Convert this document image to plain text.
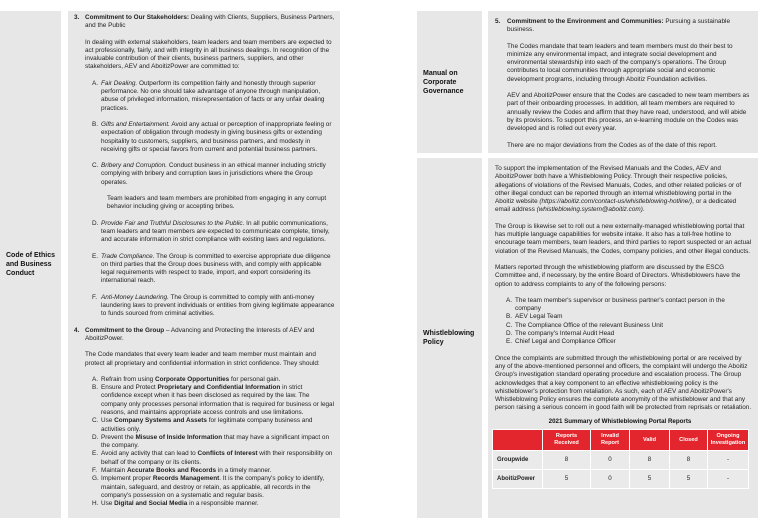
Code of Ethics and Business Conduct
3. Commitment to Our Stakeholders: Dealing with Clients, Suppliers, Business Partners, and the Public
In dealing with external stakeholders, team leaders and team members are expected to act professionally, fairly, and with integrity in all business dealings. In recognition of the invaluable contribution of their clients, business partners, suppliers, and other stakeholders, AEV and AboitizPower are committed to:
A. Fair Dealing. Outperform its competition fairly and honestly through superior performance. No one should take advantage of anyone through manipulation, abuse of privileged information, misrepresentation of facts or any unfair dealing practices.
B. Gifts and Entertainment. Avoid any actual or perception of inappropriate feeling or expectation of obligation through modesty in giving business gifts or extending hospitality to customers, suppliers, and business partners, and modesty in receiving gifts or special favors from current and potential business partners.
C. Bribery and Corruption. Conduct business in an ethical manner including strictly complying with bribery and corruption laws in jurisdictions where the Group operates.
Team leaders and team members are prohibited from engaging in any corrupt behavior including giving or accepting bribes.
D. Provide Fair and Truthful Disclosures to the Public. In all public communications, team leaders and team members are expected to communicate complete, timely, and accurate information in strict compliance with existing laws and regulations.
E. Trade Compliance. The Group is committed to exercise appropriate due diligence on third parties that the Group does business with, and comply with applicable legal requirements with respect to trade, import, and export considering its international reach.
F. Anti-Money Laundering. The Group is committed to comply with anti-money laundering laws to prevent individuals or entities from giving legitimate appearance to funds sourced from criminal activities.
4. Commitment to the Group – Advancing and Protecting the Interests of AEV and AboitizPower.
The Code mandates that every team leader and team member must maintain and protect all proprietary and confidential information in strict confidence. They should:
A. Refrain from using Corporate Opportunities for personal gain.
B. Ensure and Protect Proprietary and Confidential Information in strict confidence except when it has been disclosed as required by the law. The company only processes personal information that is required for business or legal reasons, and maintains appropriate access controls and use limitations.
C. Use Company Systems and Assets for legitimate company business and activities only.
D. Prevent the Misuse of Inside Information that may have a significant impact on the company.
E. Avoid any activity that can lead to Conflicts of Interest with their responsibility on behalf of the company or its clients.
F. Maintain Accurate Books and Records in a timely manner.
G. Implement proper Records Management. It is the company's policy to identify, maintain, safeguard, and destroy or retain, as applicable, all records in the company's possession on a systematic and regular basis.
H. Use Digital and Social Media in a responsible manner.
Manual on Corporate Governance
5.	Commitment to the Environment and Communities: Pursuing a sustainable business.
The Codes mandate that team leaders and team members must do their best to minimize any environmental impact, and integrate social development and environmental stewardship into each of the company's operations. The Group contributes to local communities through appropriate social and economic development programs, including through Aboitiz Foundation activities.
AEV and AboitizPower ensure that the Codes are cascaded to new team members as part of their onboarding processes. In addition, all team members are required to annually review the Codes and affirm that they have read, understood, and will abide by its provisions. To support this process, an e-learning module on the Codes was developed and is rolled out every year.
There are no major deviations from the Codes as of the date of this report.
Whistleblowing Policy
To support the implementation of the Revised Manuals and the Codes, AEV and AboitizPower both have a Whistleblowing Policy. Through their respective policies, allegations of violations of the Revised Manuals, Codes, and other related policies or of other illegal conduct can be reported through an internal whistleblowing portal in the Aboitiz website (https://aboitiz.com/contact-us/whistleblowing-hotline/), or a dedicated email address (whistleblowing.system@aboitiz.com).
The Group is likewise set to roll out a new externally-managed whistleblowing portal that has multiple language capabilities for website intake. It also has a toll-free hotline to encourage team members, team leaders, and third parties to report suspected or an actual violation of the Revised Manuals, the Codes, company policies, and other illegal conducts.
Matters reported through the whistleblowing platform are discussed by the ESCG Committee and, if necessary, by the entire Board of Directors. Whistleblowers have the option to address complaints to any of the following persons:
A. The team member's supervisor or business partner's contact person in the company
B. AEV Legal Team
C. The Compliance Office of the relevant Business Unit
D. The company's Internal Audit Head
E. Chief Legal and Compliance Officer
Once the complaints are submitted through the whistleblowing portal or are received by any of the above-mentioned personnel and officers, the complaint will undergo the Aboitiz Group's investigation standard operating procedure and escalation process. The Group acknowledges that a key component to an effective whistleblowing policy is the whistleblower's protection from retaliation. As such, each of AEV and AboitizPower's Whistleblowing Policy ensures the complete anonymity of the whistleblower and that any person raising a serious concern in good faith will be protected from reprisals or retaliation.
2021 Summary of Whistleblowing Portal Reports
	Reports Received	Invalid Report	Valid	Closed	Ongoing Investigation
Groupwide	8	0	8	8	-
AboitizPower	5	0	5	5	-
